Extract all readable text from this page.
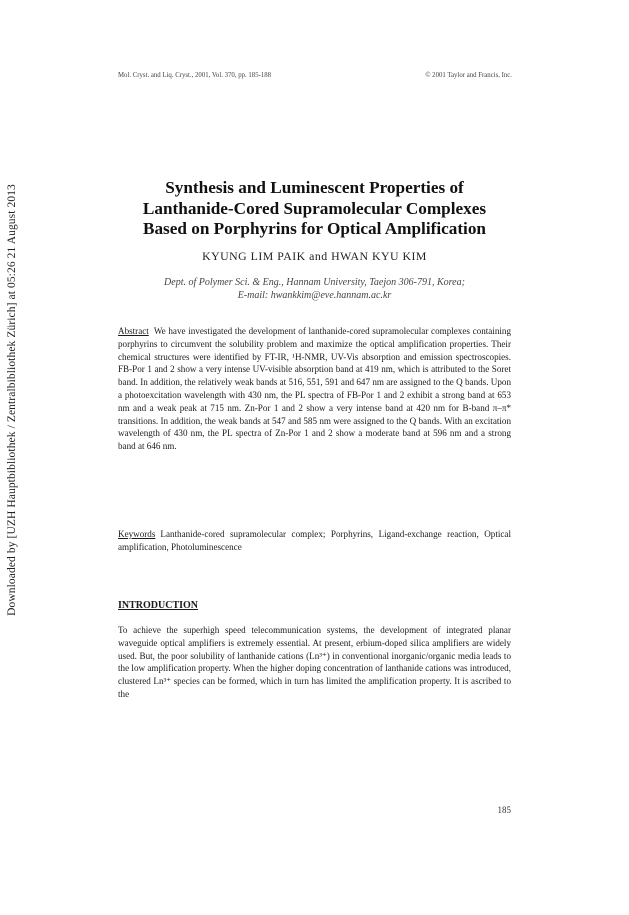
Downloaded by [UZH Hauptbibliothek / Zentralbibliothek Zürich] at 05:26 21 August 2013
Mol. Cryst. and Liq. Cryst., 2001, Vol. 370, pp. 185-188	© 2001 Taylor and Francis, Inc.
Synthesis and Luminescent Properties of
Lanthanide-Cored Supramolecular Complexes
Based on Porphyrins for Optical Amplification
KYUNG LIM PAIK and HWAN KYU KIM
Dept. of Polymer Sci. & Eng., Hannam University, Taejon 306-791, Korea;
E-mail: hwankkim@eve.hannam.ac.kr
Abstract We have investigated the development of lanthanide-cored supramolecular complexes containing porphyrins to circumvent the solubility problem and maximize the optical amplification properties. Their chemical structures were identified by FT-IR, ¹H-NMR, UV-Vis absorption and emission spectroscopies. FB-Por 1 and 2 show a very intense UV-visible absorption band at 419 nm, which is attributed to the Soret band. In addition, the relatively weak bands at 516, 551, 591 and 647 nm are assigned to the Q bands. Upon a photoexcitation wavelength with 430 nm, the PL spectra of FB-Por 1 and 2 exhibit a strong band at 653 nm and a weak peak at 715 nm. Zn-Por 1 and 2 show a very intense band at 420 nm for B-band π–π* transitions. In addition, the weak bands at 547 and 585 nm were assigned to the Q bands. With an excitation wavelength of 430 nm, the PL spectra of Zn-Por 1 and 2 show a moderate band at 596 nm and a strong band at 646 nm.
Keywords Lanthanide-cored supramolecular complex; Porphyrins, Ligand-exchange reaction, Optical amplification, Photoluminescence
INTRODUCTION
To achieve the superhigh speed telecommunication systems, the development of integrated planar waveguide optical amplifiers is extremely essential. At present, erbium-doped silica amplifiers are widely used. But, the poor solubility of lanthanide cations (Ln³⁺) in conventional inorganic/organic media leads to the low amplification property. When the higher doping concentration of lanthanide cations was introduced, clustered Ln³⁺ species can be formed, which in turn has limited the amplification property. It is ascribed to the
185
